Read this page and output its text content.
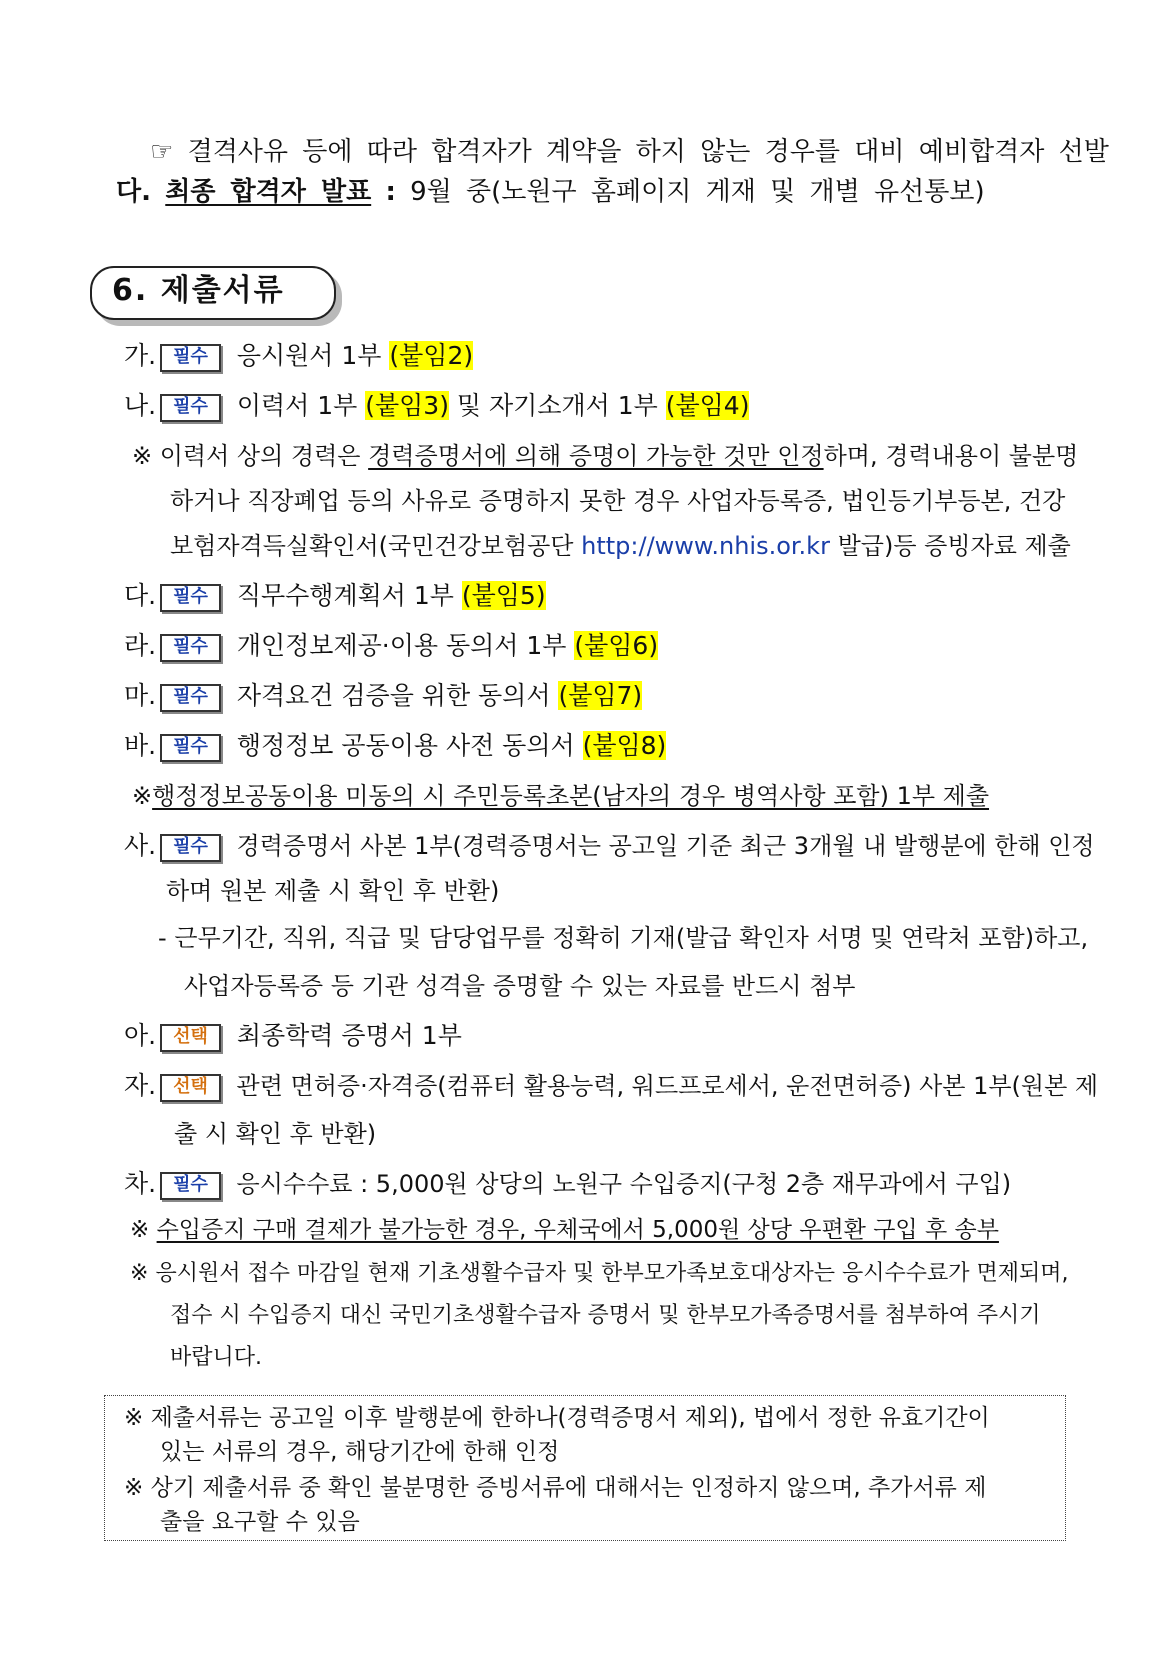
☞ 결격사유 등에 따라 합격자가 계약을 하지 않는 경우를 대비 예비합격자 선발
다. 최종 합격자 발표 : 9월 중(노원구 홈페이지 게재 및 개별 유선통보)
6. 제출서류
가. 필수 응시원서 1부 (붙임2)
나. 필수 이력서 1부 (붙임3) 및 자기소개서 1부 (붙임4)
※ 이력서 상의 경력은 경력증명서에 의해 증명이 가능한 것만 인정하며, 경력내용이 불분명
하거나 직장폐업 등의 사유로 증명하지 못한 경우 사업자등록증, 법인등기부등본, 건강
보험자격득실확인서(국민건강보험공단 http://www.nhis.or.kr 발급)등 증빙자료 제출
다. 필수 직무수행계획서 1부 (붙임5)
라. 필수 개인정보제공·이용 동의서 1부 (붙임6)
마. 필수 자격요건 검증을 위한 동의서 (붙임7)
바. 필수 행정정보 공동이용 사전 동의서 (붙임8)
※행정정보공동이용 미동의 시 주민등록초본(남자의 경우 병역사항 포함) 1부 제출
사. 필수 경력증명서 사본 1부(경력증명서는 공고일 기준 최근 3개월 내 발행분에 한해 인정
하며 원본 제출 시 확인 후 반환)
- 근무기간, 직위, 직급 및 담당업무를 정확히 기재(발급 확인자 서명 및 연락처 포함)하고,
사업자등록증 등 기관 성격을 증명할 수 있는 자료를 반드시 첨부
아. 선택 최종학력 증명서 1부
자. 선택 관련 면허증·자격증(컴퓨터 활용능력, 워드프로세서, 운전면허증) 사본 1부(원본 제
출 시 확인 후 반환)
차. 필수 응시수수료 : 5,000원 상당의 노원구 수입증지(구청 2층 재무과에서 구입)
※ 수입증지 구매 결제가 불가능한 경우, 우체국에서 5,000원 상당 우편환 구입 후 송부
※ 응시원서 접수 마감일 현재 기초생활수급자 및 한부모가족보호대상자는 응시수수료가 면제되며,
접수 시 수입증지 대신 국민기초생활수급자 증명서 및 한부모가족증명서를 첨부하여 주시기
바랍니다.
※ 제출서류는 공고일 이후 발행분에 한하나(경력증명서 제외), 법에서 정한 유효기간이
있는 서류의 경우, 해당기간에 한해 인정
※ 상기 제출서류 중 확인 불분명한 증빙서류에 대해서는 인정하지 않으며, 추가서류 제
출을 요구할 수 있음
